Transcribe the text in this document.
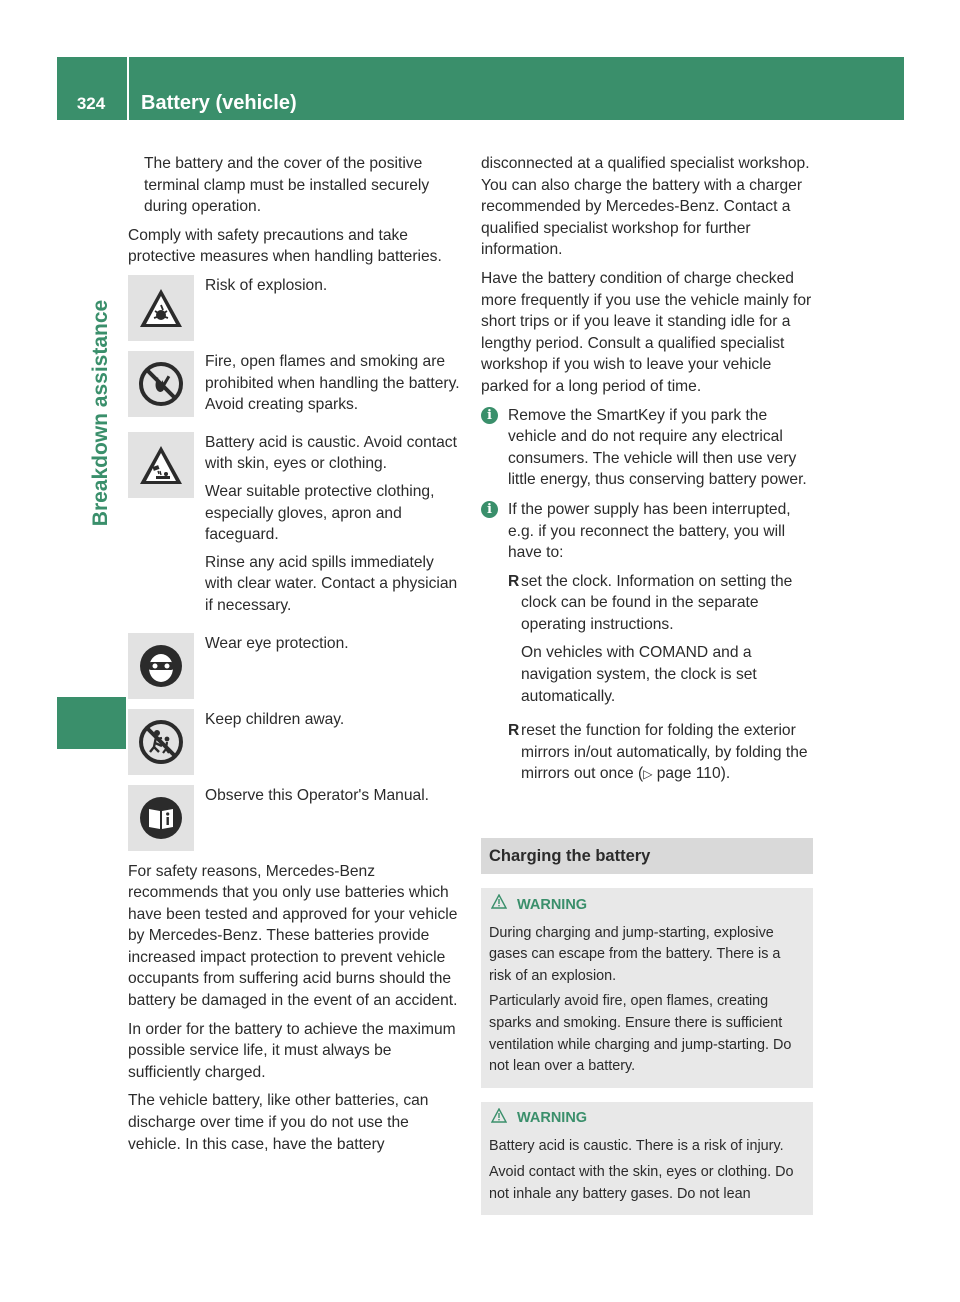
324	Battery (vehicle)
Breakdown assistance

The battery and the cover of the positive terminal clamp must be installed securely during operation.

Comply with safety precautions and take protective measures when handling batteries.

Risk of explosion.

Fire, open flames and smoking are prohibited when handling the battery. Avoid creating sparks.

Battery acid is caustic. Avoid contact with skin, eyes or clothing.

Wear suitable protective clothing, especially gloves, apron and faceguard.

Rinse any acid spills immediately with clear water. Contact a physician if necessary.

Wear eye protection.

Keep children away.

Observe this Operator's Manual.

For safety reasons, Mercedes-Benz recommends that you only use batteries which have been tested and approved for your vehicle by Mercedes-Benz. These batteries provide increased impact protection to prevent vehicle occupants from suffering acid burns should the battery be damaged in the event of an accident.

In order for the battery to achieve the maximum possible service life, it must always be sufficiently charged.

The vehicle battery, like other batteries, can discharge over time if you do not use the vehicle. In this case, have the battery

disconnected at a qualified specialist workshop. You can also charge the battery with a charger recommended by Mercedes-Benz. Contact a qualified specialist workshop for further information.

Have the battery condition of charge checked more frequently if you use the vehicle mainly for short trips or if you leave it standing idle for a lengthy period. Consult a qualified specialist workshop if you wish to leave your vehicle parked for a long period of time.

i	Remove the SmartKey if you park the vehicle and do not require any electrical consumers. The vehicle will then use very little energy, thus conserving battery power.
i	If the power supply has been interrupted, e.g. if you reconnect the battery, you will have to:

R set the clock. Information on setting the clock can be found in the separate operating instructions.

On vehicles with COMAND and a navigation system, the clock is set automatically.

R reset the function for folding the exterior mirrors in/out automatically, by folding the mirrors out once (▷ page 110).
Charging the battery
WARNING

During charging and jump-starting, explosive gases can escape from the battery. There is a risk of an explosion.

Particularly avoid fire, open flames, creating sparks and smoking. Ensure there is sufficient ventilation while charging and jump-starting. Do not lean over a battery.

WARNING

Battery acid is caustic. There is a risk of injury.

Avoid contact with the skin, eyes or clothing. Do not inhale any battery gases. Do not lean
